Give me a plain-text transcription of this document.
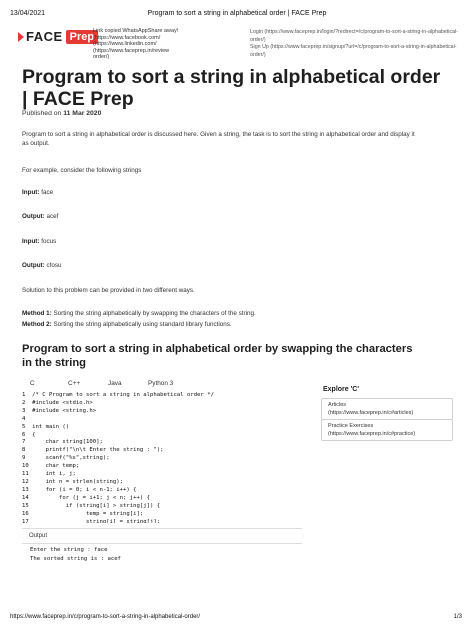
13/04/2021	Program to sort a string in alphabetical order | FACE Prep
FACE Prep
Link copied WhatsAppShare away!
(https://www.facebook.com/
(https://www.linkedin.com/
(https://www.faceprep.in/review
order/)
Login (https://www.faceprep.in/login/?redirect=/c/program-to-sort-a-string-in-alphabetical-order/)
Sign Up (https://www.faceprep.in/signup/?url=/c/program-to-sort-a-string-in-alphabetical-order/)
Program to sort a string in alphabetical order | FACE Prep
Published on 11 Mar 2020
Program to sort a string in alphabetical order is discussed here. Given a string, the task is to sort the string in alphabetical order and display it as output.
For example, consider the following strings
Input: face
Output: acef
Input: focus
Output: cfosu
Solution to this problem can be provided in two different ways.
Method 1: Sorting the string alphabetically by swapping the characters of the string.
Method 2: Sorting the string alphabetically using standard library functions.
Program to sort a string in alphabetical order by swapping the characters in the string
C	C++	Java	Python 3
1  /* C Program to sort a string in alphabetical order */
2  #include <stdio.h>
3  #include <string.h>
4
5  int main ()
6  {
7      char string[100];
8      printf("\n\t Enter the string : ");
9      scanf("%s",string);
10     char temp;
11     int i, j;
12     int n = strlen(string);
13     for (i = 0; i < n-1; i++) {
14         for (j = i+1; j < n; j++) {
15           if (string[i] > string[j]) {
16                 temp = string[i];
17                 string[i] = string[j];
Output
Enter the string : face
The sorted string is : acef
Explore 'C'
Articles
(https://www.faceprep.in/c#articles)
Practice Exercises
(https://www.faceprep.in/c#practice)
https://www.faceprep.in/c/program-to-sort-a-string-in-alphabetical-order/	1/3
